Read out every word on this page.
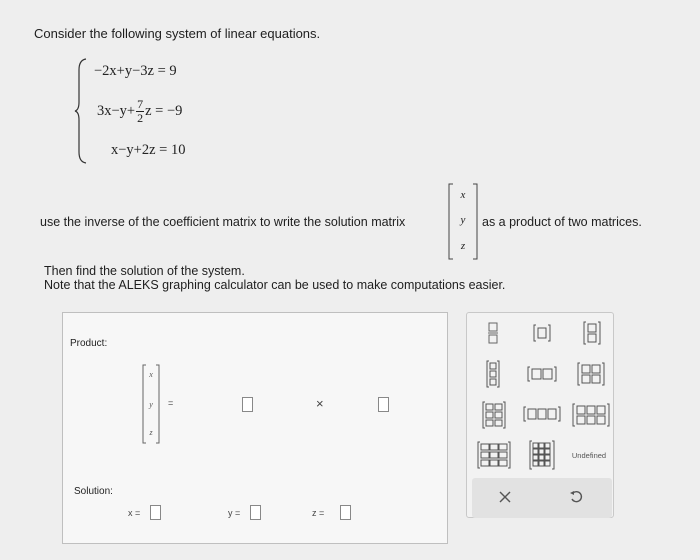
Consider the following system of linear equations.
−2x+y−3z = 9
$3x-y+ \frac{7}{2}$ z = −9
x−y+2z = 10
use the inverse of the coefficient matrix to write the solution matrix
x
y
z
as a product of two matrices.
Then find the solution of the system.
Note that the ALEKS graphing calculator can be used to make computations easier.
Product:
x
y
z
=	×
Solution:
x =	y =	z =
Undefined
